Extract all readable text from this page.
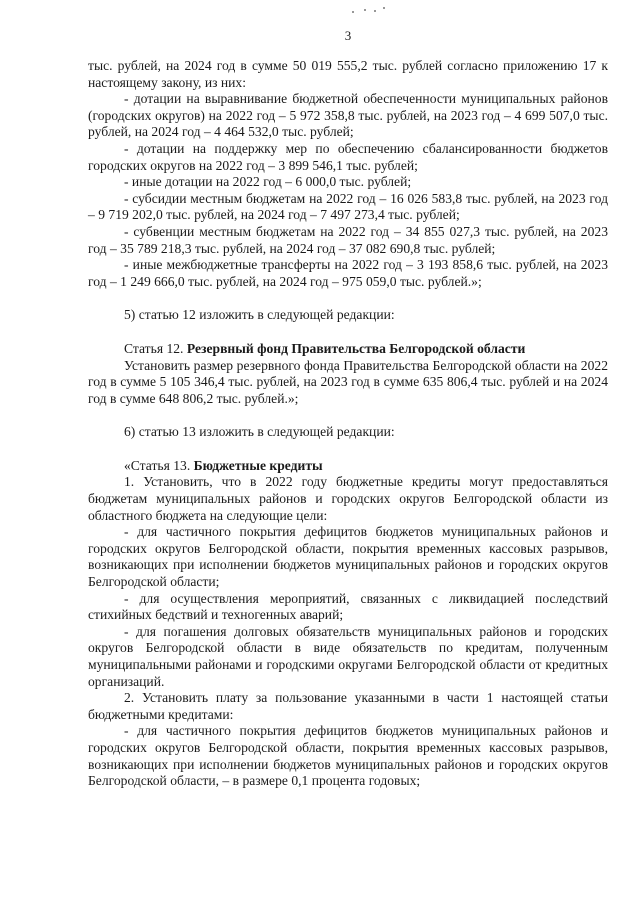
3

тыс. рублей, на 2024 год в сумме 50 019 555,2 тыс. рублей согласно приложению 17 к настоящему закону, из них:

- дотации на выравнивание бюджетной обеспеченности муниципальных районов (городских округов) на 2022 год – 5 972 358,8 тыс. рублей, на 2023 год – 4 699 507,0 тыс. рублей, на 2024 год – 4 464 532,0 тыс. рублей;

- дотации на поддержку мер по обеспечению сбалансированности бюджетов городских округов на 2022 год – 3 899 546,1 тыс. рублей;

- иные дотации на 2022 год – 6 000,0 тыс. рублей;

- субсидии местным бюджетам на 2022 год – 16 026 583,8 тыс. рублей, на 2023 год – 9 719 202,0 тыс. рублей, на 2024 год – 7 497 273,4 тыс. рублей;

- субвенции местным бюджетам на 2022 год – 34 855 027,3 тыс. рублей, на 2023 год – 35 789 218,3 тыс. рублей, на 2024 год – 37 082 690,8 тыс. рублей;

- иные межбюджетные трансферты на 2022 год – 3 193 858,6 тыс. рублей, на 2023 год – 1 249 666,0 тыс. рублей, на 2024 год – 975 059,0 тыс. рублей.»;

5) статью 12 изложить в следующей редакции:

Статья 12. Резервный фонд Правительства Белгородской области

Установить размер резервного фонда Правительства Белгородской области на 2022 год в сумме 5 105 346,4 тыс. рублей, на 2023 год в сумме 635 806,4 тыс. рублей и на 2024 год в сумме 648 806,2 тыс. рублей.»;

6) статью 13 изложить в следующей редакции:

«Статья 13. Бюджетные кредиты

1. Установить, что в 2022 году бюджетные кредиты могут предоставляться бюджетам муниципальных районов и городских округов Белгородской области из областного бюджета на следующие цели:

- для частичного покрытия дефицитов бюджетов муниципальных районов и городских округов Белгородской области, покрытия временных кассовых разрывов, возникающих при исполнении бюджетов муниципальных районов и городских округов Белгородской области;

- для осуществления мероприятий, связанных с ликвидацией последствий стихийных бедствий и техногенных аварий;

- для погашения долговых обязательств муниципальных районов и городских округов Белгородской области в виде обязательств по кредитам, полученным муниципальными районами и городскими округами Белгородской области от кредитных организаций.

2. Установить плату за пользование указанными в части 1 настоящей статьи бюджетными кредитами:

- для частичного покрытия дефицитов бюджетов муниципальных районов и городских округов Белгородской области, покрытия временных кассовых разрывов, возникающих при исполнении бюджетов муниципальных районов и городских округов Белгородской области, – в размере 0,1 процента годовых;
